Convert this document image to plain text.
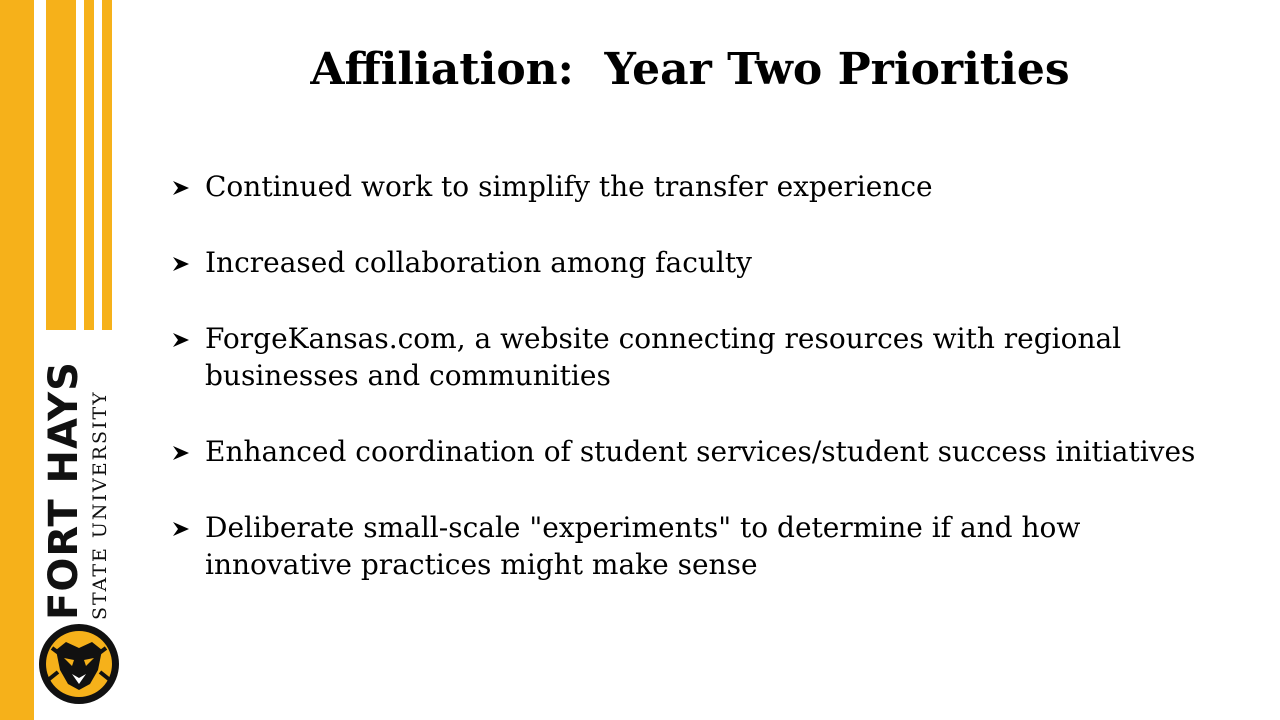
FORT HAYS STATE UNIVERSITY
Affiliation:  Year Two Priorities
Continued work to simplify the transfer experience
Increased collaboration among faculty
ForgeKansas.com, a website connecting resources with regional businesses and communities
Enhanced coordination of student services/student success initiatives
Deliberate small-scale "experiments" to determine if and how innovative practices might make sense
